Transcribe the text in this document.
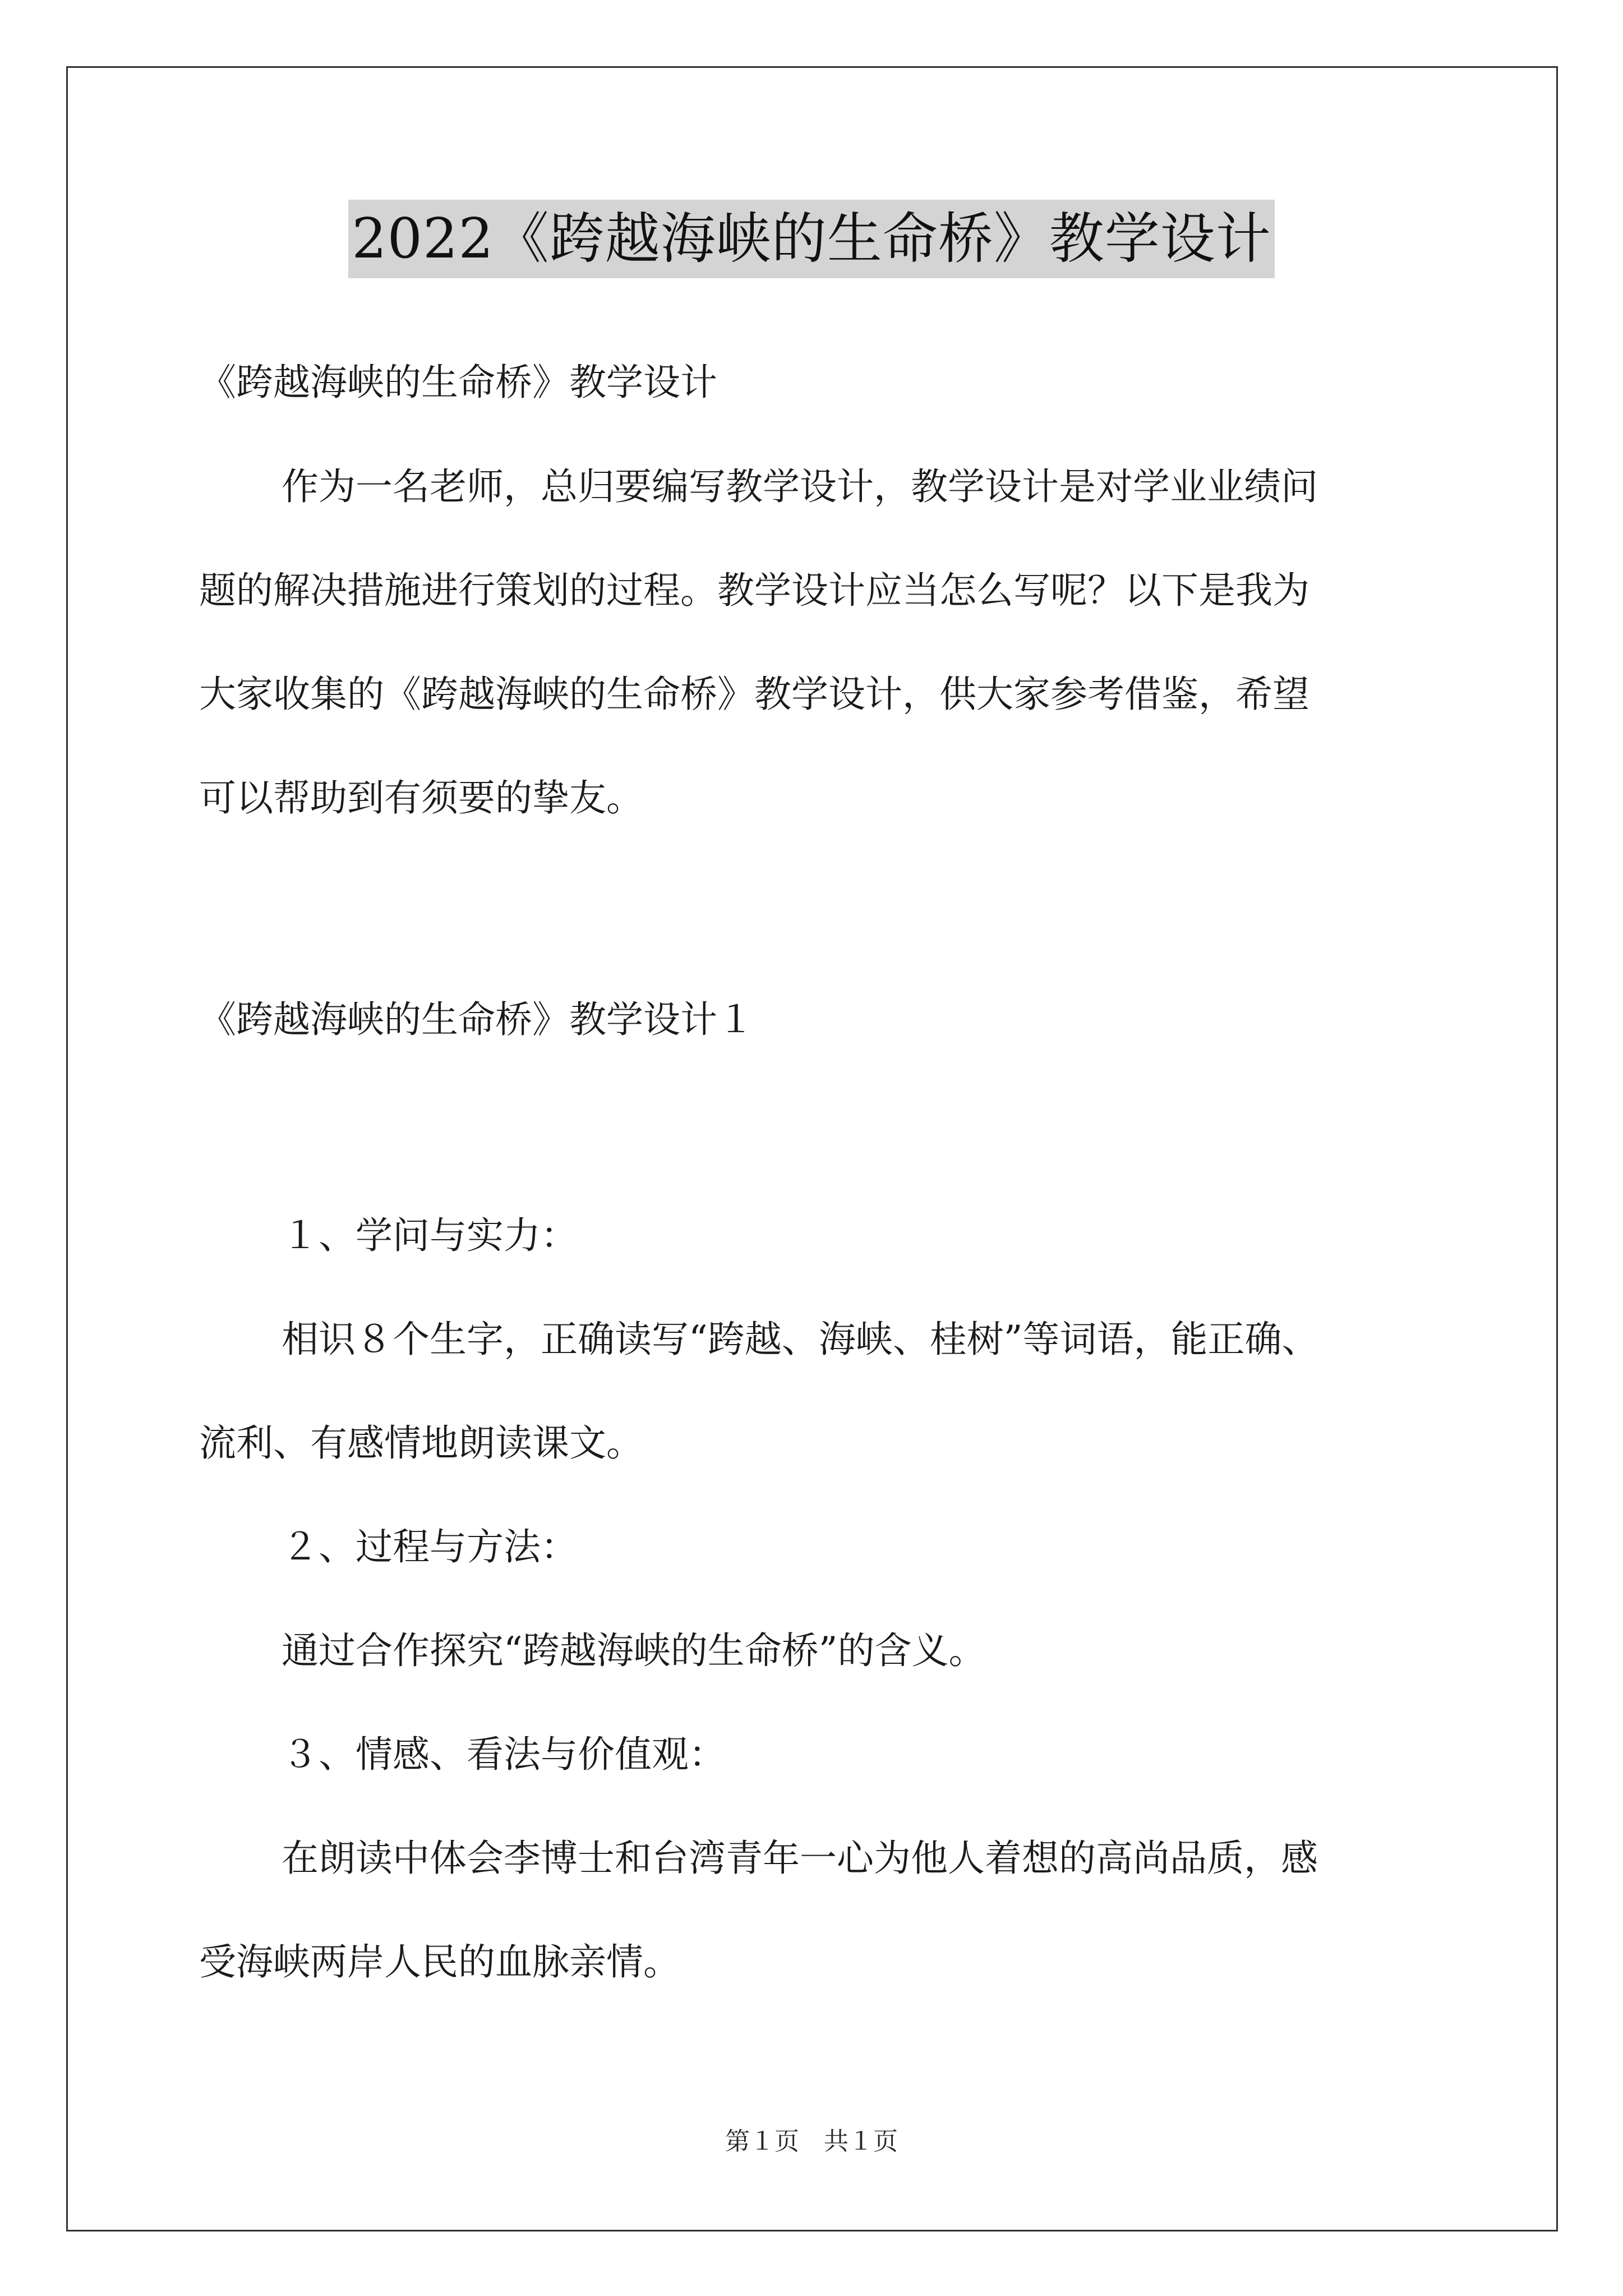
2022《跨越海峡的生命桥》教学设计

《跨越海峡的生命桥》教学设计

作为一名老师，总归要编写教学设计，教学设计是对学业业绩问

题的解决措施进行策划的过程。教学设计应当怎么写呢？以下是我为

大家收集的《跨越海峡的生命桥》教学设计，供大家参考借鉴，希望

可以帮助到有须要的挚友。

《跨越海峡的生命桥》教学设计１

１、学问与实力：

相识８个生字，正确读写“跨越、海峡、桂树”等词语，能正确、

流利、有感情地朗读课文。

２、过程与方法：

通过合作探究“跨越海峡的生命桥”的含义。

３、情感、看法与价值观：

在朗读中体会李博士和台湾青年一心为他人着想的高尚品质，感

受海峡两岸人民的血脉亲情。

第１页　共１页
